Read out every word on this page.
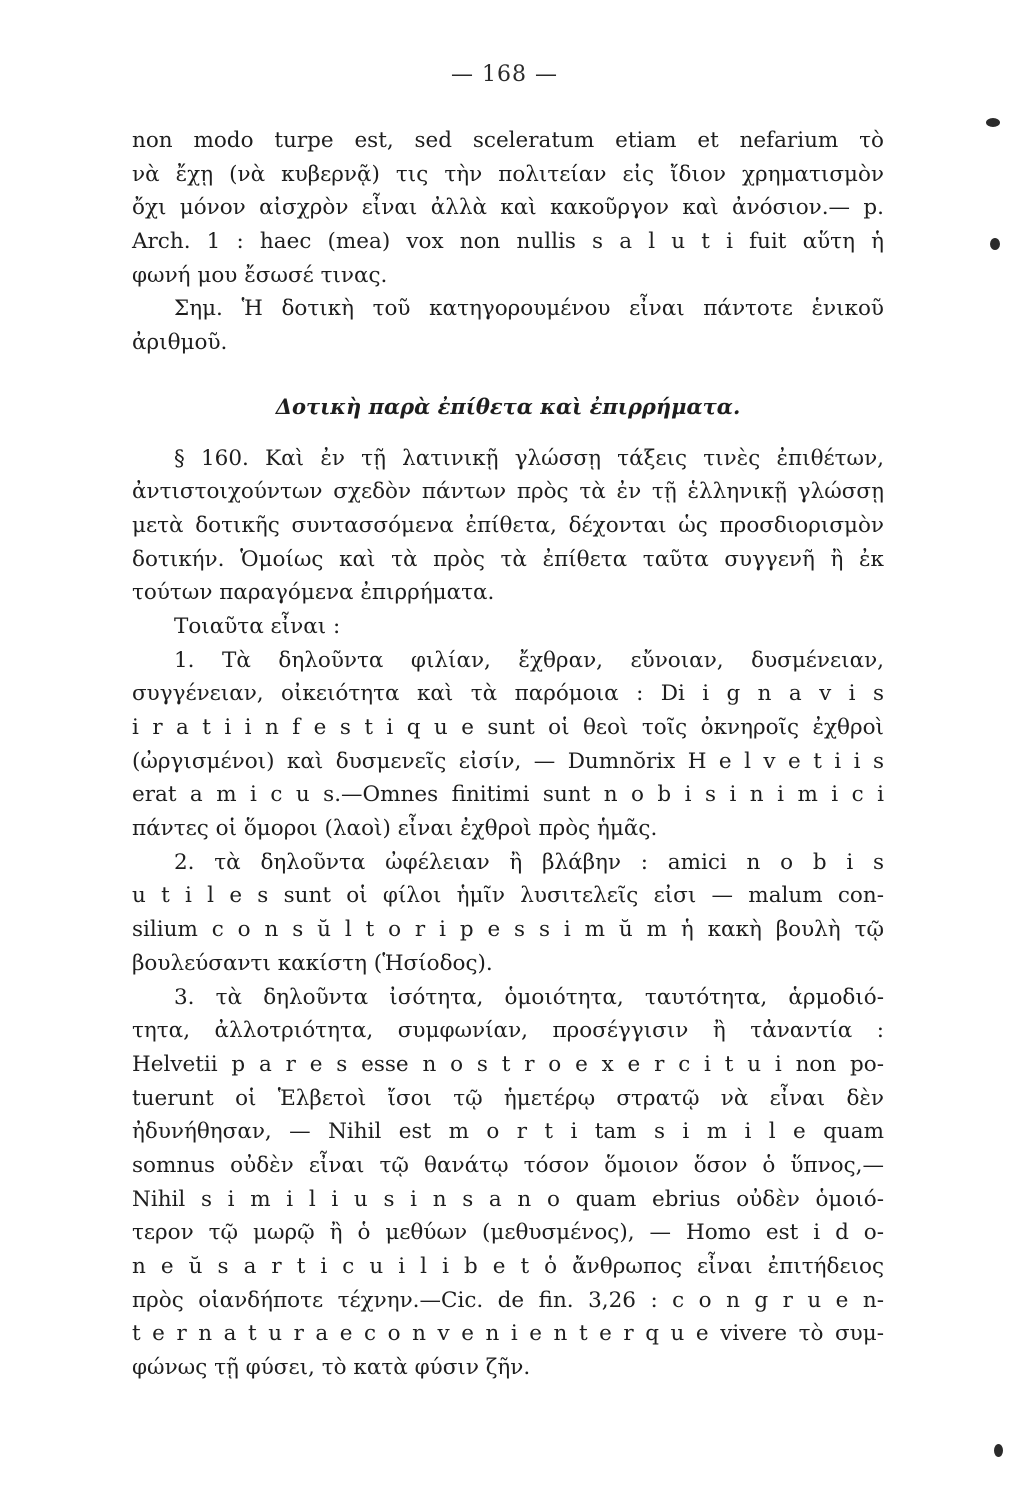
— 168 —
non modo turpe est, sed sceleratum etiam et nefarium τὸ
νὰ ἔχῃ (νὰ κυβερνᾷ) τις τὴν πολιτείαν εἰς ἴδιον χρηματισμὸν
ὄχι μόνον αἰσχρὸν εἶναι ἀλλὰ καὶ κακοῦργον καὶ ἀνόσιον.— p.
Arch. 1 : haec (mea) vox non nullis s a l u t i fuit αὕτη ἡ
φωνή μου ἔσωσέ τινας.
Σημ. Ἡ δοτικὴ τοῦ κατηγορουμένου εἶναι πάντοτε ἑνικοῦ
ἀριθμοῦ.
Δοτικὴ παρὰ ἐπίθετα καὶ ἐπιρρήματα.
§ 160. Καὶ ἐν τῇ λατινικῇ γλώσσῃ τάξεις τινὲς ἐπιθέτων,
ἀντιστοιχούντων σχεδὸν πάντων πρὸς τὰ ἐν τῇ ἑλληνικῇ γλώσσῃ
μετὰ δοτικῆς συντασσόμενα ἐπίθετα, δέχονται ὡς προσδιορισμὸν
δοτικήν. Ὁμοίως καὶ τὰ πρὸς τὰ ἐπίθετα ταῦτα συγγενῆ ἢ ἐκ
τούτων παραγόμενα ἐπιρρήματα.
Τοιαῦτα εἶναι :
1. Τὰ δηλοῦντα φιλίαν, ἔχθραν, εὔνοιαν, δυσμένειαν,
συγγένειαν, οἰκειότητα καὶ τὰ παρόμοια : Di i g n a v i s
i r a t i i n f e s t i q u e sunt οἱ θεοὶ τοῖς ὀκνηροῖς ἐχθροὶ
(ὠργισμένοι) καὶ δυσμενεῖς εἰσίν, — Dumnŏrix H e l v e t i i s
erat a m i c u s.—Omnes finitimi sunt n o b i s i n i m i c i
πάντες οἱ ὅμοροι (λαοὶ) εἶναι ἐχθροὶ πρὸς ἡμᾶς.
2. τὰ δηλοῦντα ὠφέλειαν ἢ βλάβην : amici n o b i s
u t i l e s sunt οἱ φίλοι ἡμῖν λυσιτελεῖς εἰσι — malum con-
silium c o n s ŭ l t o r i p e s s i m ŭ m ἡ κακὴ βουλὴ τῷ
βουλεύσαντι κακίστη (Ἡσίοδος).
3. τὰ δηλοῦντα ἰσότητα, ὁμοιότητα, ταυτότητα, ἁρμοδιό-
τητα, ἀλλοτριότητα, συμφωνίαν, προσέγγισιν ἢ τἀναντία :
Helvetii p a r e s esse n o s t r o e x e r c i t u i non po-
tuerunt οἱ Ἑλβετοὶ ἴσοι τῷ ἡμετέρῳ στρατῷ νὰ εἶναι δὲν
ἠδυνήθησαν, — Nihil est m o r t i tam s i m i l e quam
somnus οὐδὲν εἶναι τῷ θανάτῳ τόσον ὅμοιον ὅσον ὁ ὕπνος,—
Nihil s i m i l i u s i n s a n o quam ebrius οὐδὲν ὁμοιό-
τερον τῷ μωρῷ ἢ ὁ μεθύων (μεθυσμένος), — Homo est i d o-
n e ŭ s a r t i c u i l i b e t ὁ ἄνθρωπος εἶναι ἐπιτήδειος
πρὸς οἱανδήποτε τέχνην.—Cic. de fin. 3,26 : c o n g r u e n-
t e r n a t u r a e c o n v e n i e n t e r q u e vivere τὸ συμ-
φώνως τῇ φύσει, τὸ κατὰ φύσιν ζῆν.
